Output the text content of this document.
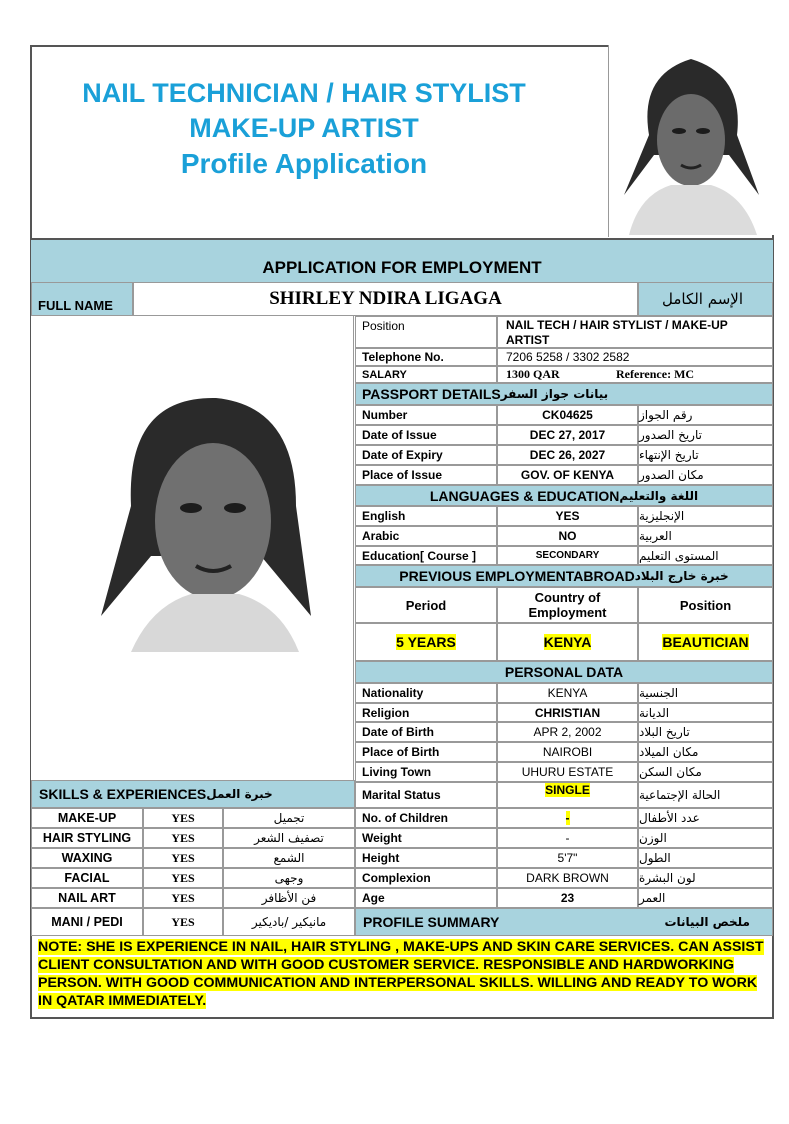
NAIL TECHNICIAN / HAIR STYLIST
MAKE-UP ARTIST
Profile Application
APPLICATION FOR EMPLOYMENT
FULL NAME	SHIRLEY NDIRA LIGAGA	الإسم الكامل
Position	NAIL TECH / HAIR STYLIST / MAKE-UP ARTIST
Telephone No.	7206 5258 / 3302 2582
SALARY	1300 QAR	Reference: MC
PASSPORT DETAILS بيانات جواز السفر
Number	CK04625	رقم الجواز
Date of Issue	DEC 27, 2017	تاريخ الصدور
Date of Expiry	DEC 26, 2027	تاريخ الإنتهاء
Place of Issue	GOV. OF KENYA مكان الصدور
LANGUAGES & EDUCATION اللغة والتعليم
English	YES	الإنجليزية
Arabic	NO	العربية
Education[ Course ]	SECONDARY	المستوى التعليم
PREVIOUS EMPLOYMENTABROAD خبرة خارج البلاد
Period	Country of Employment	Position
5 YEARS	KENYA	BEAUTICIAN
PERSONAL DATA
Nationality	KENYA	الجنسية
Religion	CHRISTIAN	الديانة
Date of Birth	APR 2, 2002	تاريخ البلاد
Place of Birth	NAIROBI	مكان الميلاد
Living Town	UHURU ESTATE مكان السكن
Marital Status	SINGLE	الحالة الإجتماعية
No. of Children	-	عدد الأطفال
Weight	-	الوزن
Height	5'7"	الطول
Complexion	DARK BROWN	لون البشرة
Age	23	العمر
SKILLS & EXPERIENCES خبرة العمل
MAKE-UP	YES	تجميل
HAIR STYLING	YES	تصفيف الشعر
WAXING	YES	الشمع
FACIAL	YES	وجهى
NAIL ART	YES	فن الأظافر
MANI / PEDI	YES	مانيكير /باديكير	PROFILE SUMMARY	ملخص البيانات
NOTE: SHE IS EXPERIENCE IN NAIL, HAIR STYLING , MAKE-UPS AND SKIN CARE SERVICES. CAN ASSIST CLIENT CONSULTATION AND WITH GOOD CUSTOMER SERVICE. RESPONSIBLE AND HARDWORKING PERSON. WITH GOOD COMMUNICATION AND INTERPERSONAL SKILLS. WILLING AND READY TO WORK IN QATAR IMMEDIATELY.
